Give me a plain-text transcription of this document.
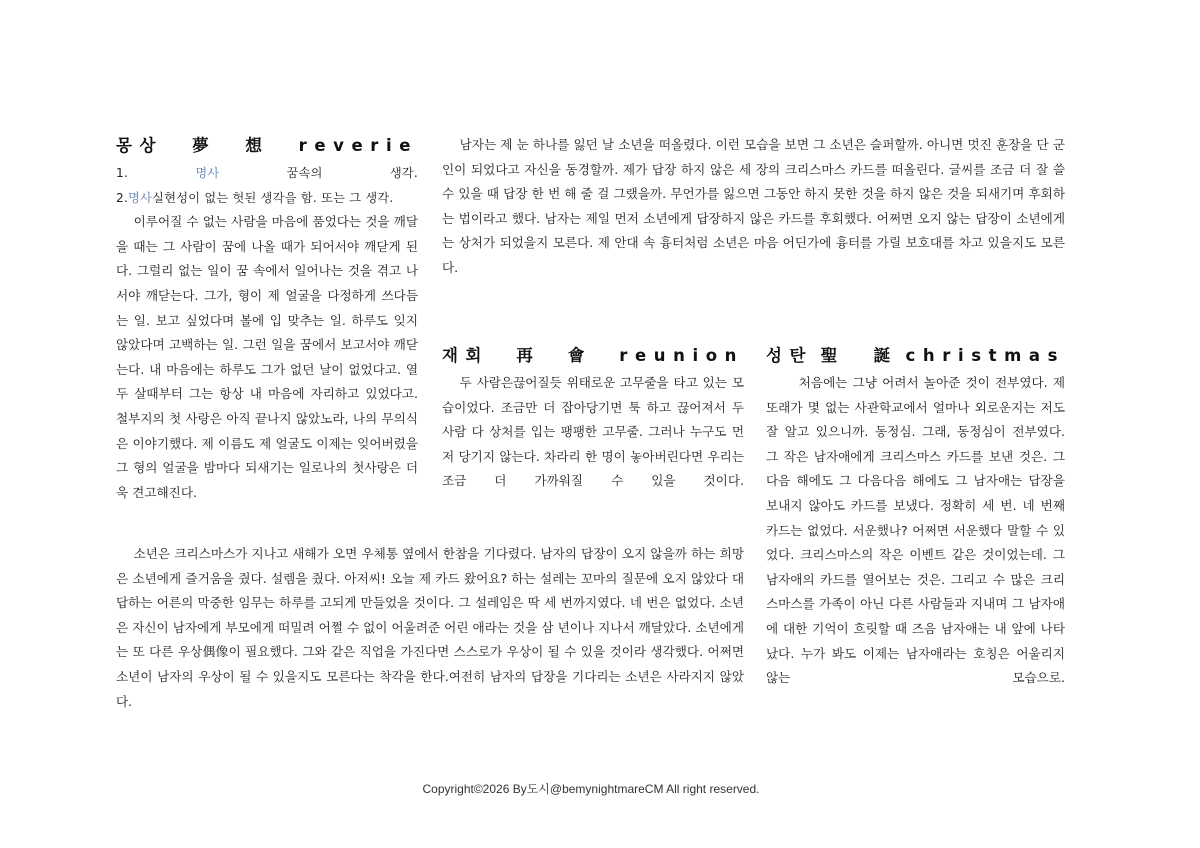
몽상夢想reverie

1.	명사	꿈속의 생각.

2.명사실현성이 없는 헛된 생각을 함. 또는 그 생각.

이루어질 수 없는 사람을 마음에 품었다는 것을 깨달을 때는 그 사람이 꿈에 나올 때가 되어서야 깨닫게 된다. 그럴리 없는 일이 꿈 속에서 일어나는 것을 겪고 나서야 깨닫는다. 그가, 형이 제 얼굴을 다정하게 쓰다듬는 일. 보고 싶었다며 볼에 입 맞추는 일. 하루도 잊지 않았다며 고백하는 일. 그런 일을 꿈에서 보고서야 깨닫는다. 내 마음에는 하루도 그가 없던 날이 없었다고. 열두 살때부터 그는 항상 내 마음에 자리하고 있었다고. 철부지의 첫 사랑은 아직 끝나지 않았노라, 나의 무의식은 이야기했다. 제 이름도 제 얼굴도 이제는 잊어버렸을 그 형의 얼굴을 밤마다 되새기는 일로나의 첫사랑은 더욱 견고해진다.

남자는 제 눈 하나를 잃던 날 소년을 떠올렸다. 이런 모습을 보면 그 소년은 슬퍼할까. 아니면 멋진 훈장을 단 군인이 되었다고 자신을 동경할까. 제가 답장 하지 않은 세 장의 크리스마스 카드를 떠올린다. 글씨를 조금 더 잘 쓸 수 있을 때 답장 한 번 해 줄 걸 그랬을까. 무언가를 잃으면 그동안 하지 못한 것을 하지 않은 것을 되새기며 후회하는 법이라고 했다. 남자는 제일 먼저 소년에게 답장하지 않은 카드를 후회했다. 어쩌면 오지 않는 답장이 소년에게는 상처가 되었을지 모른다. 제 안대 속 흉터처럼 소년은 마음 어딘가에 흉터를 가릴 보호대를 차고 있을지도 모른다.

재회再會reunion

두 사람은끊어질듯 위태로운 고무줄을 타고 있는 모습이었다. 조금만 더 잡아당기면 툭 하고 끊어져서 두 사람 다 상처를 입는 팽팽한 고무줄. 그러나 누구도 먼저 당기지 않는다. 차라리 한 명이 놓아버린다면 우리는 조금 더 가까워질 수 있을 것이다.

성탄聖 誕christmas

처음에는 그냥 어려서 놀아준 것이 전부였다. 제 또래가 몇 없는 사관학교에서 얼마나 외로운지는 저도 잘 알고 있으니까. 동정심. 그래, 동정심이 전부였다. 그 작은 남자애에게 크리스마스 카드를 보낸 것은. 그 다음 해에도 그 다음다음 해에도 그 남자애는 답장을 보내지 않아도 카드를 보냈다. 정확히 세 번. 네 번째 카드는 없었다. 서운했나? 어쩌면 서운했다 말할 수 있었다. 크리스마스의 작은 이벤트 같은 것이었는데. 그 남자애의 카드를 열어보는 것은. 그리고 수 많은 크리스마스를 가족이 아닌 다른 사람들과 지내며 그 남자애에 대한 기억이 흐릿할 때 즈음 남자애는 내 앞에 나타났다. 누가 봐도 이제는 남자애라는 호칭은 어울리지 않는 모습으로.

소년은 크리스마스가 지나고 새해가 오면 우체통 옆에서 한참을 기다렸다. 남자의 답장이 오지 않을까 하는 희망은 소년에게 즐거움을 줬다. 설렘을 줬다. 아저씨! 오늘 제 카드 왔어요? 하는 설레는 꼬마의 질문에 오지 않았다 대답하는 어른의 막중한 임무는 하루를 고되게 만들었을 것이다. 그 설레임은 딱 세 번까지였다. 네 번은 없었다. 소년은 자신이 남자에게 부모에게 떠밀려 어쩔 수 없이 어울려준 어린 애라는 것을 삼 년이나 지나서 깨달았다. 소년에게는 또 다른 우상偶像이 필요했다. 그와 같은 직업을 가진다면 스스로가 우상이 될 수 있을 것이라 생각했다. 어쩌면 소년이 남자의 우상이 될 수 있을지도 모른다는 착각을 한다.여전히 남자의 답장을 기다리는 소년은 사라지지 않았다.

Copyright©2026 By도시@bemynightmareCM All right reserved.
